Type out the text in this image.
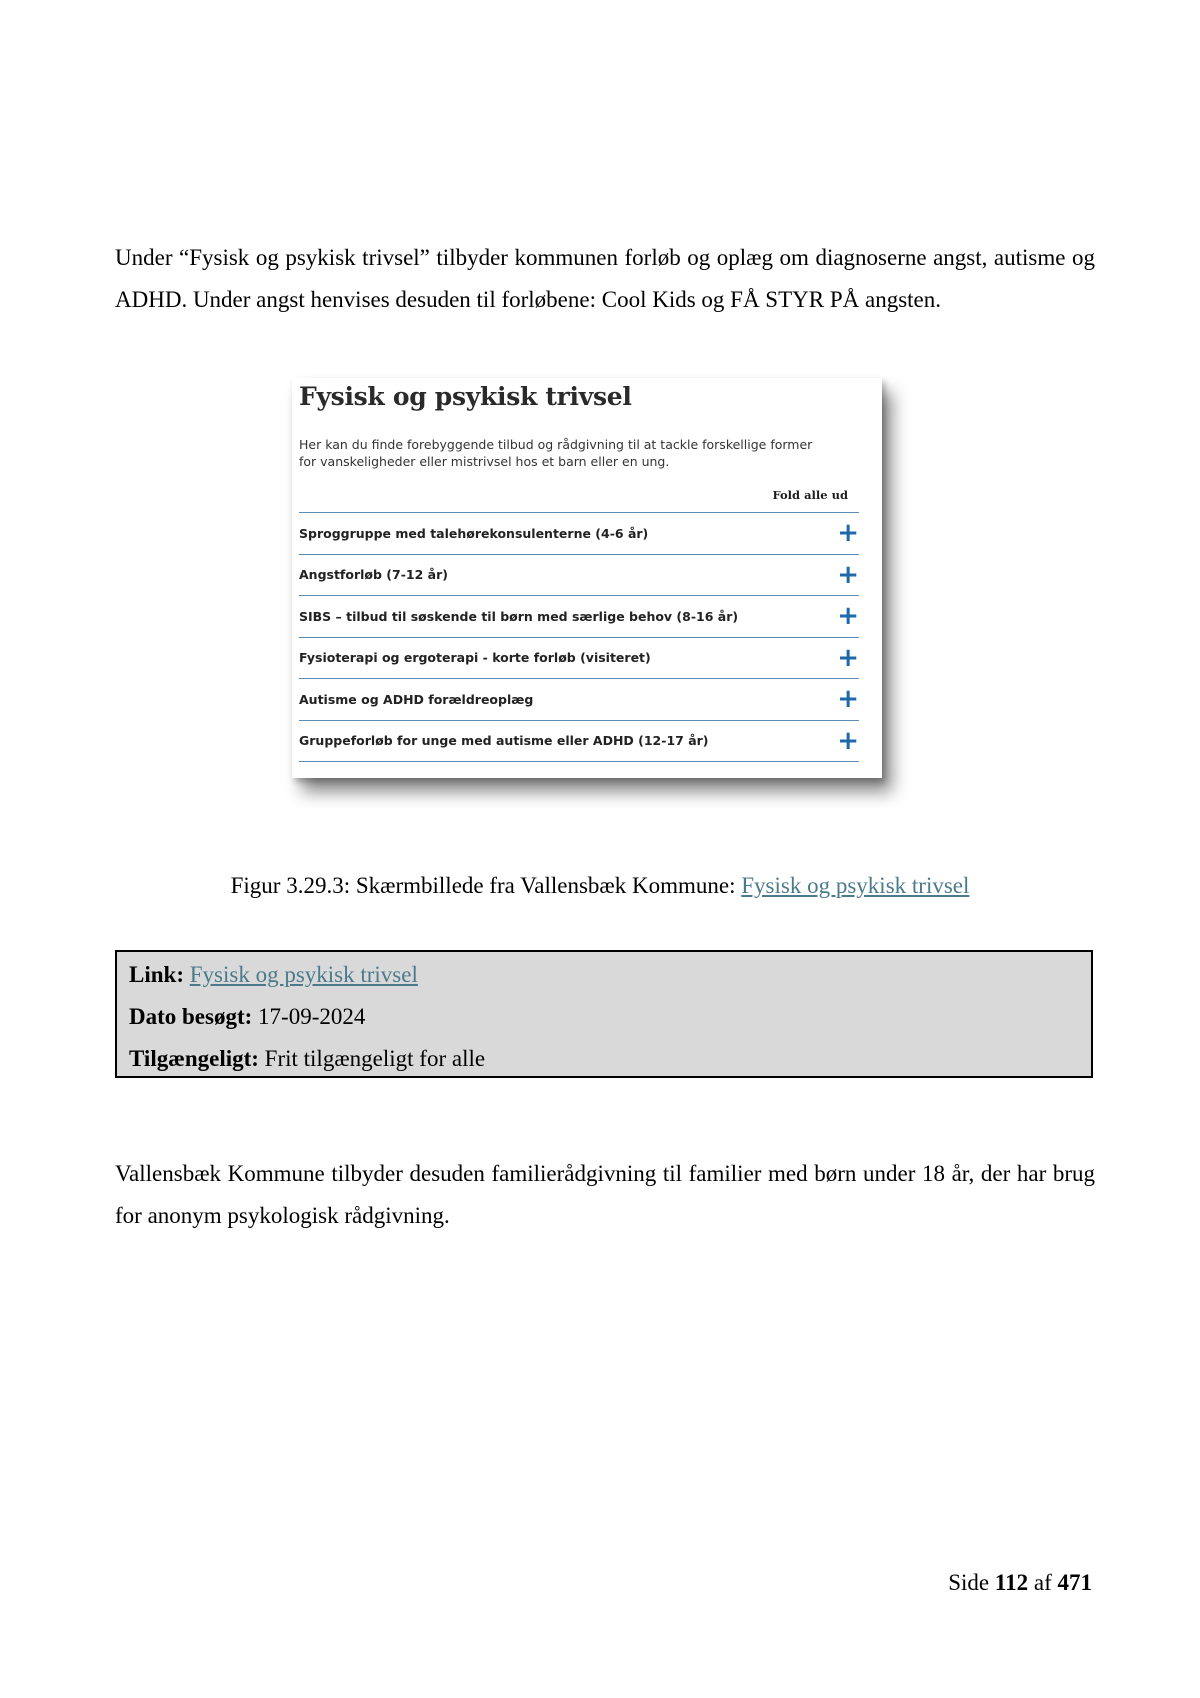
Under “Fysisk og psykisk trivsel” tilbyder kommunen forløb og oplæg om diagnoserne angst, autisme og ADHD. Under angst henvises desuden til forløbene: Cool Kids og FÅ STYR PÅ angsten.
Fysisk og psykisk trivsel
Her kan du finde forebyggende tilbud og rådgivning til at tackle forskellige former
for vanskeligheder eller mistrivsel hos et barn eller en ung.
Fold alle ud
Sproggruppe med talehørekonsulenterne (4-6 år)	+
Angstforløb (7-12 år)	+
SIBS – tilbud til søskende til børn med særlige behov (8-16 år)	+
Fysioterapi og ergoterapi - korte forløb (visiteret)	+
Autisme og ADHD forældreoplæg	+
Gruppeforløb for unge med autisme eller ADHD (12-17 år)	+
Figur 3.29.3: Skærmbillede fra Vallensbæk Kommune: Fysisk og psykisk trivsel
Link: Fysisk og psykisk trivsel
Dato besøgt: 17-09-2024
Tilgængeligt: Frit tilgængeligt for alle
Vallensbæk Kommune tilbyder desuden familierådgivning til familier med børn under 18 år, der har brug for anonym psykologisk rådgivning.
Side 112 af 471
